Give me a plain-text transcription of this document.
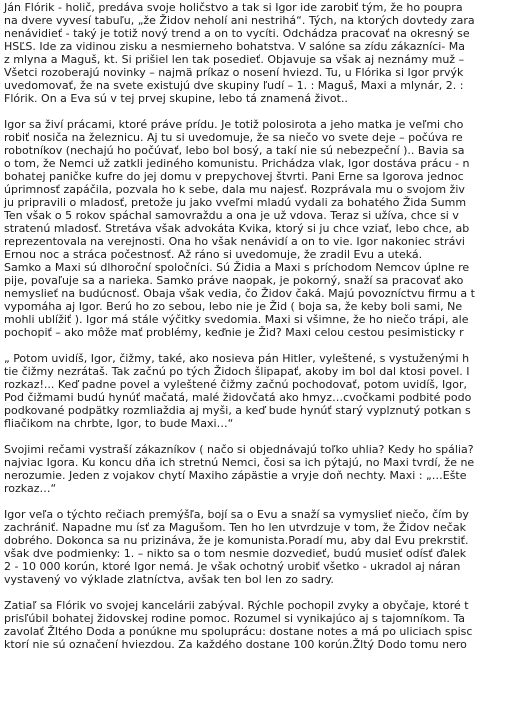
Ján Flórik - holič, predáva svoje holičstvo a tak si Igor ide zarobiť tým, že ho poupra
na dvere vyvesí tabuľu, „že Židov neholí ani nestrihá“. Tých, na ktorých dovtedy zara
nenávidieť - taký je totiž nový trend a on to vycíti. Odchádza pracovať na okresný se
HSĽS. Ide za vidinou zisku a nesmierneho bohatstva. V salóne sa zídu zákazníci- Ma
z mlyna a Maguš, kt. Si prišiel len tak posedieť. Objavuje sa však aj neznámy muž –
Všetci rozoberajú novinky – najmä príkaz o nosení hviezd. Tu, u Flórika si Igor prvýk
uvedomovať, že na svete existujú dve skupiny ľudí – 1. : Maguš, Maxi a mlynár, 2. :
Flórik. On a Eva sú v tej prvej skupine, lebo tá znamená život..
Igor sa živí prácami, ktoré práve prídu. Je totiž polosirota a jeho matka je veľmi cho
robiť nosiča na železnicu. Aj tu si uvedomuje, že sa niečo vo svete deje – počúva re
robotníkov (nechajú ho počúvať, lebo bol bosý, a takí nie sú nebezpeční ).. Bavia sa
o tom, že Nemci už zatkli jediného komunistu. Prichádza vlak, Igor dostáva prácu - n
bohatej paničke kufre do jej domu v prepychovej štvrti. Pani Erne sa Igorova jednoc
úprimnosť zapáčila, pozvala ho k sebe, dala mu najesť. Rozprávala mu o svojom živ
ju pripravili o mladosť, pretože ju jako vveľmi mladú vydali za bohatého Žida Summ
Ten však o 5 rokov spáchal samovraždu a ona je už vdova. Teraz si užíva, chce si v
stratenú mladosť. Stretáva však advokáta Kvika, ktorý si ju chce vziať, lebo chce, ab
reprezentovala na verejnosti. Ona ho však nenávidí a on to vie. Igor nakoniec strávi
Ernou noc a stráca počestnosť. Až ráno si uvedomuje, že zradil Evu a uteká.
Samko a Maxi sú dlhoroční spoločníci. Sú Židia a Maxi s príchodom Nemcov úplne re
pije, povaľuje sa a narieka. Samko práve naopak, je pokorný, snaží sa pracovať ako
nemyslieť na budúcnosť. Obaja však vedia, čo Židov čaká. Majú povozníctvu firmu a t
vypomáha aj Igor. Berú ho zo sebou, lebo nie je Žid ( boja sa, že keby boli sami, Ne
mohli ublížiť ). Igor má stále výčitky svedomia. Maxi si všimne, že ho niečo trápi, ale
pochopiť – ako môže mať problémy, keďnie je Žid? Maxi celou cestou pesimisticky r
„ Potom uvidíš, Igor, čižmy, také, ako nosieva pán Hitler, vyleštené, s vystuženými h
tie čižmy nezrátaš. Tak začnú po tých Židoch šlipapať, akoby im bol dal ktosi povel. I
rozkaz!... Keď padne povel a vyleštené čižmy začnú pochodovať, potom uvidíš, Igor,
Pod čižmami budú hynúť mačatá, malé židovčatá ako hmyz…cvočkami podbité podo
podkované podpätky rozmliaždia aj myši, a keď bude hynúť starý vyplznutý potkan s
fliačikom na chrbte, Igor, to bude Maxi…“
Svojimi rečami vystraší zákazníkov ( načo si objednávajú toľko uhlia? Kedy ho spália?
najviac Igora. Ku koncu dňa ich stretnú Nemci, čosi sa ich pýtajú, no Maxi tvrdí, že ne
nerozumie. Jeden z vojakov chytí Maxiho zápästie a vryje doň nechty. Maxi : „…Ešte
rozkaz…“
Igor veľa o týchto rečiach premýšľa, bojí sa o Evu a snaží sa vymyslieť niečo, čím by
zachrániť. Napadne mu ísť za Magušom. Ten ho len utvrdzuje v tom, že Židov nečak
dobrého. Dokonca sa nu prizináva, že je komunista.Poradí mu, aby dal Evu prekrstiť.
však dve podmienky: 1. – nikto sa o tom nesmie dozvedieť, budú musieť odísť ďalek
2 - 10 000 korún, ktoré Igor nemá. Je však ochotný urobiť všetko - ukradol aj náran
vystavený vo výklade zlatníctva, avšak ten bol len zo sadry.
Zatiaľ sa Flórik vo svojej kancelárii zabýval. Rýchle pochopil zvyky a obyčaje, ktoré t
prisľúbil bohatej židovskej rodine pomoc. Rozumel si vynikajúco aj s tajomníkom. Ta
zavolať Žltého Doda a ponúkne mu spoluprácu: dostane notes a má po uliciach spisc
ktorí nie sú označení hviezdou. Za každého dostane 100 korún.Žltý Dodo tomu nero
